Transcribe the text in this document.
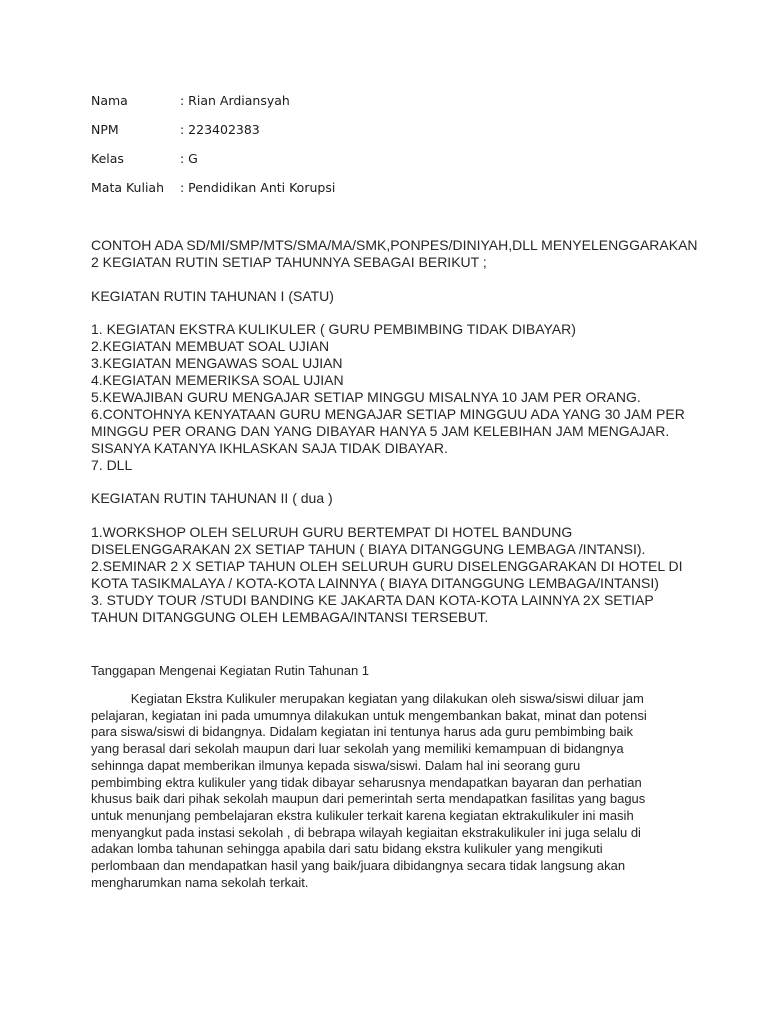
Nama	: Rian Ardiansyah
NPM	: 223402383
Kelas	: G
Mata Kuliah	: Pendidikan Anti Korupsi
CONTOH ADA SD/MI/SMP/MTS/SMA/MA/SMK,PONPES/DINIYAH,DLL MENYELENGGARAKAN
2 KEGIATAN RUTIN SETIAP TAHUNNYA SEBAGAI BERIKUT ;
KEGIATAN RUTIN TAHUNAN I (SATU)
1. KEGIATAN EKSTRA KULIKULER ( GURU PEMBIMBING TIDAK DIBAYAR)
2.KEGIATAN MEMBUAT SOAL UJIAN
3.KEGIATAN MENGAWAS SOAL UJIAN
4.KEGIATAN MEMERIKSA SOAL UJIAN
5.KEWAJIBAN GURU MENGAJAR SETIAP MINGGU MISALNYA 10 JAM PER ORANG.
6.CONTOHNYA KENYATAAN GURU MENGAJAR SETIAP MINGGUU ADA YANG 30 JAM PER
MINGGU PER ORANG DAN YANG DIBAYAR HANYA 5 JAM KELEBIHAN JAM MENGAJAR.
SISANYA KATANYA IKHLASKAN SAJA TIDAK DIBAYAR.
7. DLL
KEGIATAN RUTIN TAHUNAN II ( dua )
1.WORKSHOP OLEH SELURUH GURU BERTEMPAT DI HOTEL BANDUNG
DISELENGGARAKAN 2X SETIAP TAHUN ( BIAYA DITANGGUNG LEMBAGA /INTANSI).
2.SEMINAR 2 X SETIAP TAHUN OLEH SELURUH GURU DISELENGGARAKAN DI HOTEL DI
KOTA TASIKMALAYA / KOTA-KOTA LAINNYA ( BIAYA DITANGGUNG LEMBAGA/INTANSI)
3. STUDY TOUR /STUDI BANDING KE JAKARTA DAN KOTA-KOTA LAINNYA 2X SETIAP
TAHUN DITANGGUNG OLEH LEMBAGA/INTANSI TERSEBUT.
Tanggapan Mengenai Kegiatan Rutin Tahunan 1
Kegiatan Ekstra Kulikuler merupakan kegiatan yang dilakukan oleh siswa/siswi diluar jam
pelajaran, kegiatan ini pada umumnya dilakukan untuk mengembankan bakat, minat dan potensi
para siswa/siswi di bidangnya. Didalam kegiatan ini tentunya harus ada guru pembimbing baik
yang berasal dari sekolah maupun dari luar sekolah yang memiliki kemampuan di bidangnya
sehinnga dapat memberikan ilmunya kepada siswa/siswi. Dalam hal ini seorang guru
pembimbing ektra kulikuler yang tidak dibayar seharusnya mendapatkan bayaran dan perhatian
khusus baik dari pihak sekolah maupun dari pemerintah serta mendapatkan fasilitas yang bagus
untuk menunjang pembelajaran ekstra kulikuler terkait karena kegiatan ektrakulikuler ini masih
menyangkut pada instasi sekolah , di bebrapa wilayah kegiaitan ekstrakulikuler ini juga selalu di
adakan lomba tahunan sehingga apabila dari satu bidang ekstra kulikuler yang mengikuti
perlombaan dan mendapatkan hasil yang baik/juara dibidangnya secara tidak langsung akan
mengharumkan nama sekolah terkait.
